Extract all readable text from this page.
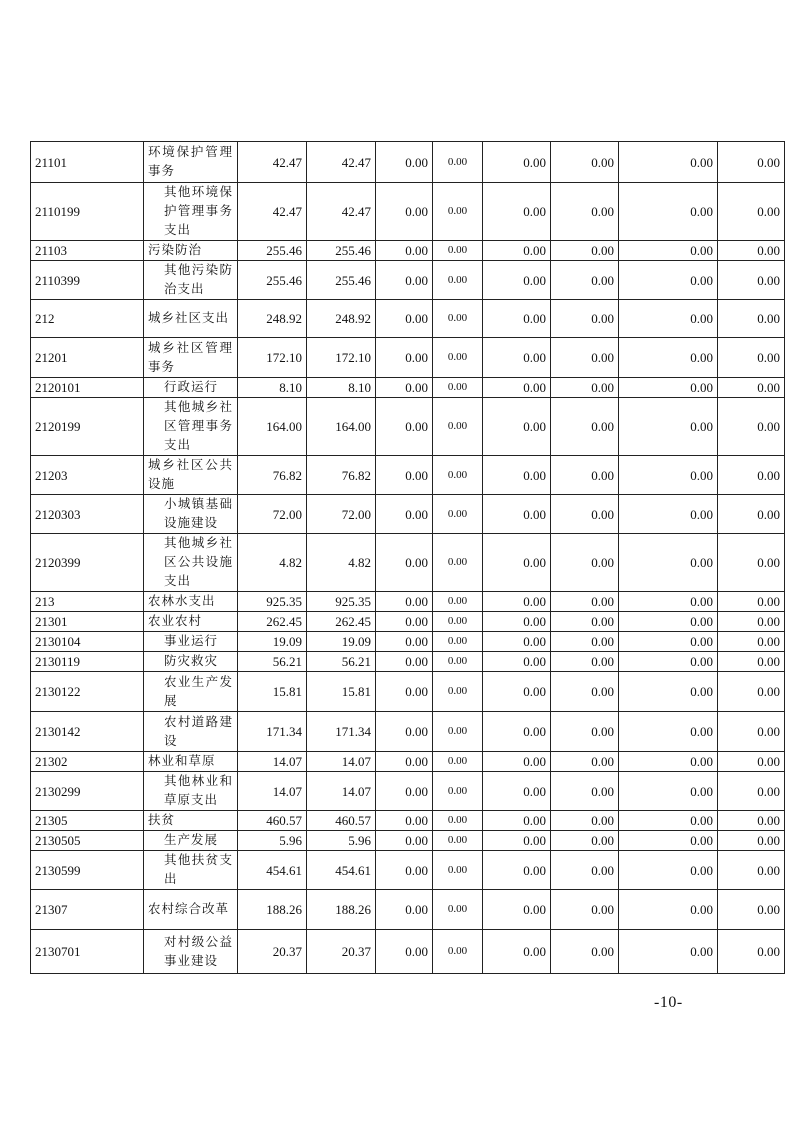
21101	环境保护管理事务	42.47	42.47	0.00	0.00	0.00	0.00	0.00	0.00
2110199	其他环境保护管理事务支出	42.47	42.47	0.00	0.00	0.00	0.00	0.00	0.00
21103	污染防治	255.46	255.46	0.00	0.00	0.00	0.00	0.00	0.00
2110399	其他污染防治支出	255.46	255.46	0.00	0.00	0.00	0.00	0.00	0.00
212	城乡社区支出	248.92	248.92	0.00	0.00	0.00	0.00	0.00	0.00
21201	城乡社区管理事务	172.10	172.10	0.00	0.00	0.00	0.00	0.00	0.00
2120101	行政运行	8.10	8.10	0.00	0.00	0.00	0.00	0.00	0.00
2120199	其他城乡社区管理事务支出	164.00	164.00	0.00	0.00	0.00	0.00	0.00	0.00
21203	城乡社区公共设施	76.82	76.82	0.00	0.00	0.00	0.00	0.00	0.00
2120303	小城镇基础设施建设	72.00	72.00	0.00	0.00	0.00	0.00	0.00	0.00
2120399	其他城乡社区公共设施支出	4.82	4.82	0.00	0.00	0.00	0.00	0.00	0.00
213	农林水支出	925.35	925.35	0.00	0.00	0.00	0.00	0.00	0.00
21301	农业农村	262.45	262.45	0.00	0.00	0.00	0.00	0.00	0.00
2130104	事业运行	19.09	19.09	0.00	0.00	0.00	0.00	0.00	0.00
2130119	防灾救灾	56.21	56.21	0.00	0.00	0.00	0.00	0.00	0.00
2130122	农业生产发展	15.81	15.81	0.00	0.00	0.00	0.00	0.00	0.00
2130142	农村道路建设	171.34	171.34	0.00	0.00	0.00	0.00	0.00	0.00
21302	林业和草原	14.07	14.07	0.00	0.00	0.00	0.00	0.00	0.00
2130299	其他林业和草原支出	14.07	14.07	0.00	0.00	0.00	0.00	0.00	0.00
21305	扶贫	460.57	460.57	0.00	0.00	0.00	0.00	0.00	0.00
2130505	生产发展	5.96	5.96	0.00	0.00	0.00	0.00	0.00	0.00
2130599	其他扶贫支出	454.61	454.61	0.00	0.00	0.00	0.00	0.00	0.00
21307	农村综合改革	188.26	188.26	0.00	0.00	0.00	0.00	0.00	0.00
2130701	对村级公益事业建设	20.37	20.37	0.00	0.00	0.00	0.00	0.00	0.00
-10-
